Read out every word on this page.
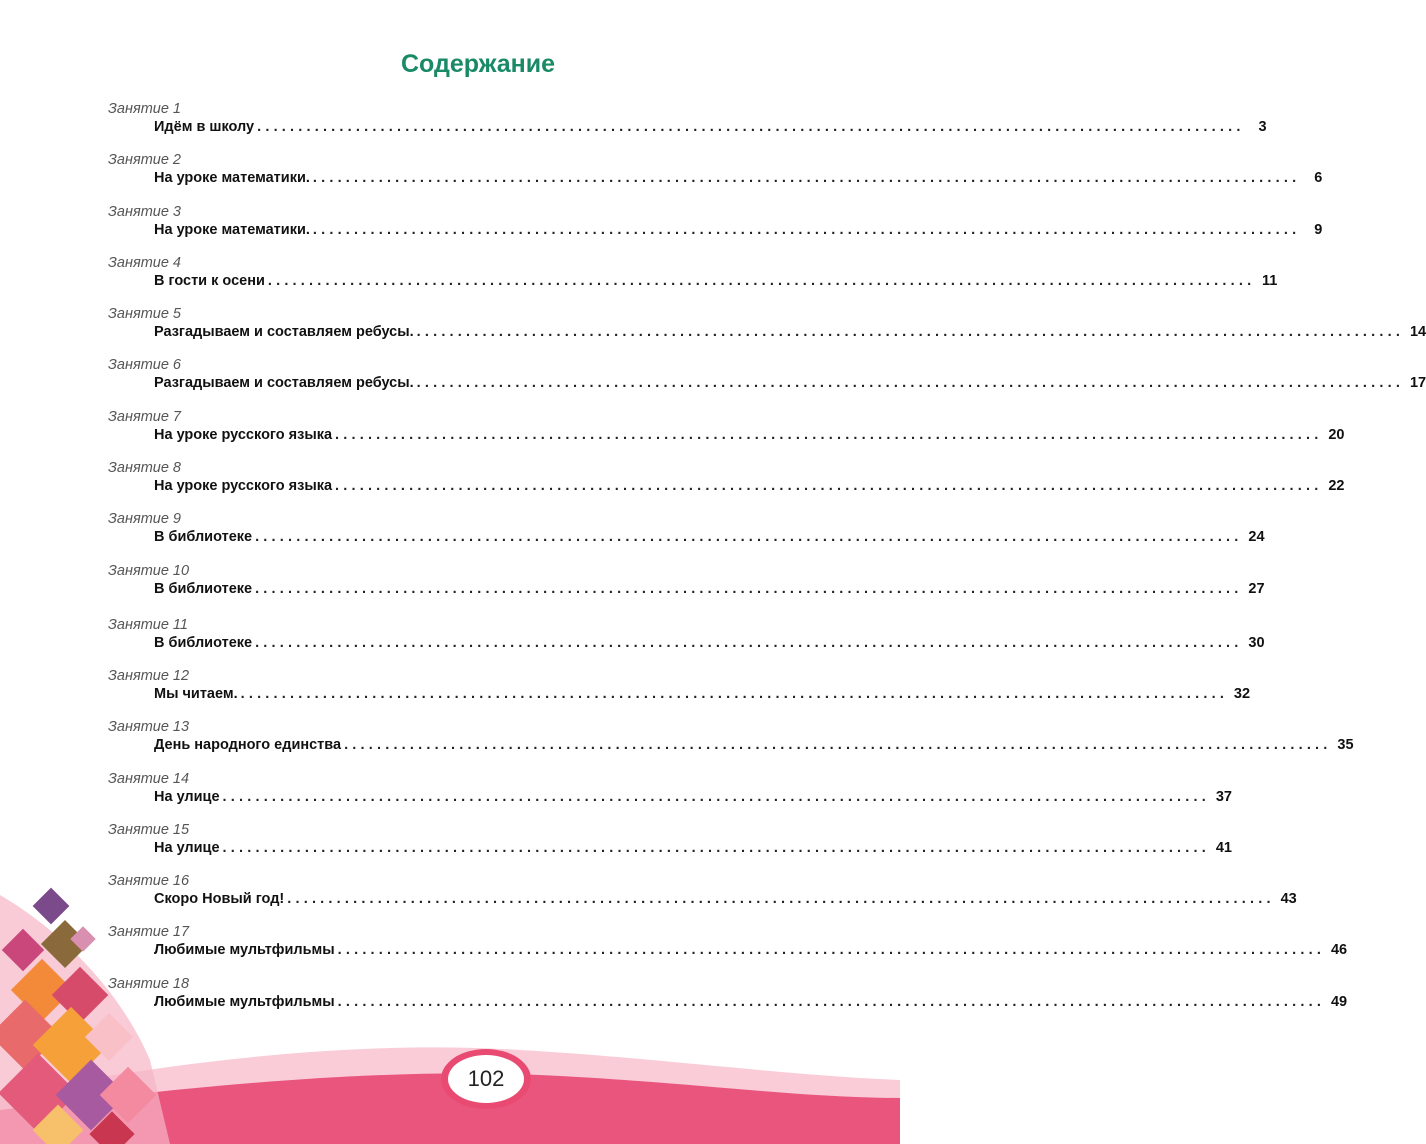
Содержание
Занятие 1
Идём в школу ........................................................................................................................ 3
Занятие 2
На уроке математики. ........................................................................................................................ 6
Занятие 3
На уроке математики. ........................................................................................................................ 9
Занятие 4
В гости к осени ........................................................................................................................ 11
Занятие 5
Разгадываем и составляем ребусы. ........................................................................................................................ 14
Занятие 6
Разгадываем и составляем ребусы. ........................................................................................................................ 17
Занятие 7
На уроке русского языка ........................................................................................................................ 20
Занятие 8
На уроке русского языка ........................................................................................................................ 22
Занятие 9
В библиотеке ........................................................................................................................ 24
Занятие 10
В библиотеке ........................................................................................................................ 27
Занятие 11
В библиотеке ........................................................................................................................ 30
Занятие 12
Мы читаем. ........................................................................................................................ 32
Занятие 13
День народного единства ........................................................................................................................ 35
Занятие 14
На улице ........................................................................................................................ 37
Занятие 15
На улице ........................................................................................................................ 41
Занятие 16
Скоро Новый год! ........................................................................................................................ 43
Занятие 17
Любимые мультфильмы ........................................................................................................................ 46
Занятие 18
Любимые мультфильмы ........................................................................................................................ 49
102
